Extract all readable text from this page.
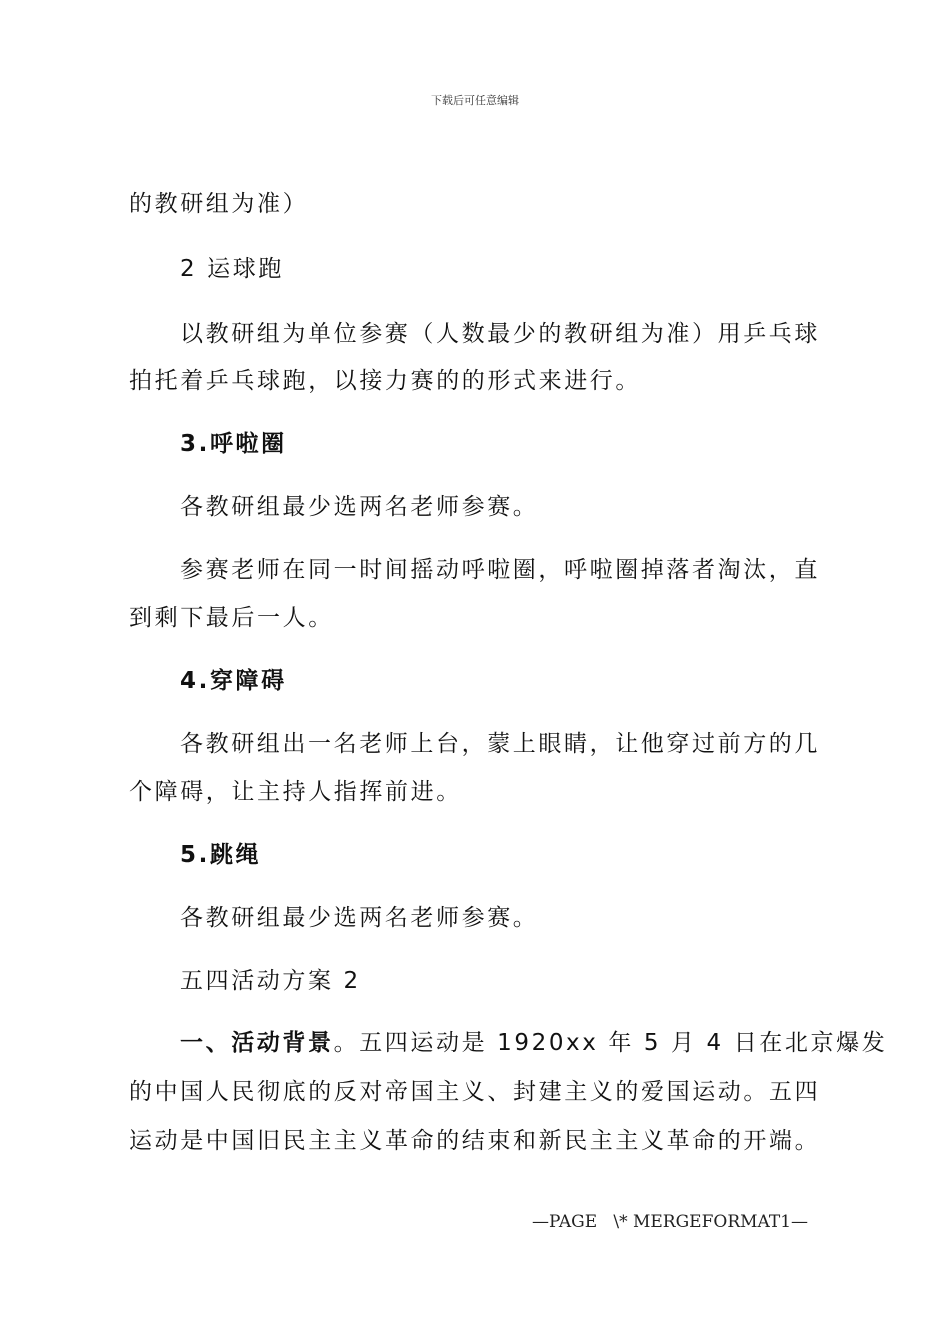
下载后可任意编辑
的教研组为准）
2 运球跑
以教研组为单位参赛（人数最少的教研组为准）用乒乓球
拍托着乒乓球跑，以接力赛的的形式来进行。
3.呼啦圈
各教研组最少选两名老师参赛。
参赛老师在同一时间摇动呼啦圈，呼啦圈掉落者淘汰，直
到剩下最后一人。
4.穿障碍
各教研组出一名老师上台，蒙上眼睛，让他穿过前方的几
个障碍，让主持人指挥前进。
5.跳绳
各教研组最少选两名老师参赛。
五四活动方案 2
一、活动背景。五四运动是 1920xx 年 5 月 4 日在北京爆发
的中国人民彻底的反对帝国主义、封建主义的爱国运动。五四
运动是中国旧民主主义革命的结束和新民主主义革命的开端。
—PAGE   \* MERGEFORMAT1—
